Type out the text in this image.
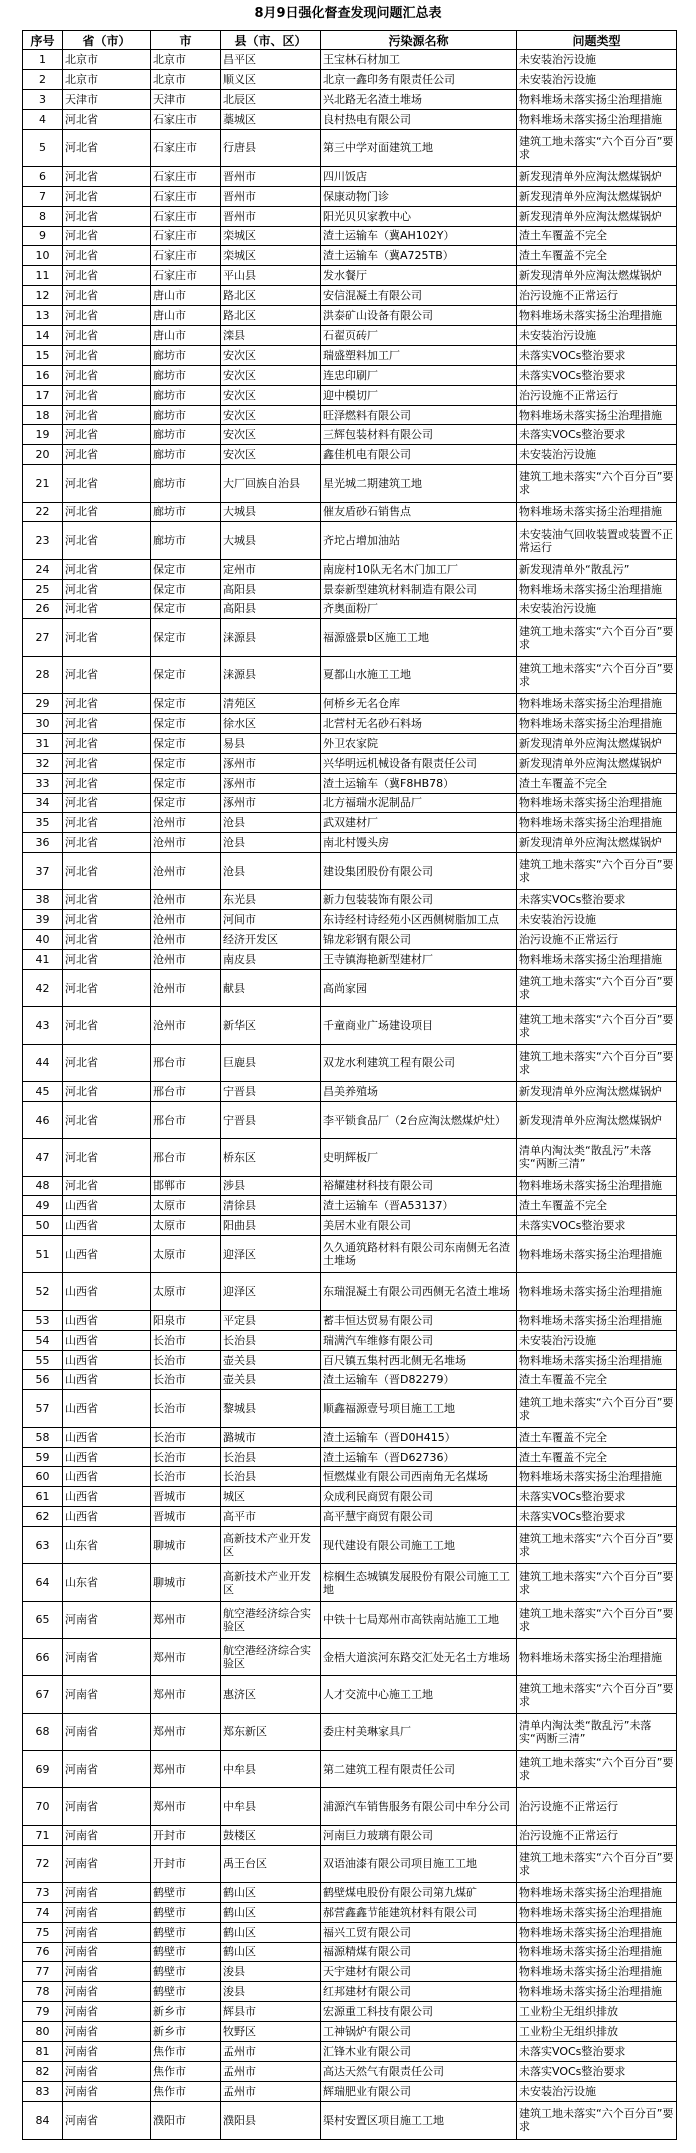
8月9日强化督查发现问题汇总表
序号	省（市）	市	县（市、区）	污染源名称	问题类型
1	北京市	北京市	昌平区	王宝林石材加工	未安装治污设施
2	北京市	北京市	顺义区	北京一鑫印务有限责任公司	未安装治污设施
3	天津市	天津市	北辰区	兴北路无名渣土堆场	物料堆场未落实扬尘治理措施
4	河北省	石家庄市	藁城区	良村热电有限公司	物料堆场未落实扬尘治理措施
5	河北省	石家庄市	行唐县	第三中学对面建筑工地	建筑工地未落实“六个百分百”要求
6	河北省	石家庄市	晋州市	四川饭店	新发现清单外应淘汰燃煤锅炉
7	河北省	石家庄市	晋州市	保康动物门诊	新发现清单外应淘汰燃煤锅炉
8	河北省	石家庄市	晋州市	阳光贝贝家教中心	新发现清单外应淘汰燃煤锅炉
9	河北省	石家庄市	栾城区	渣土运输车（冀AH102Y）	渣土车覆盖不完全
10	河北省	石家庄市	栾城区	渣土运输车（冀A725TB）	渣土车覆盖不完全
11	河北省	石家庄市	平山县	发水餐厅	新发现清单外应淘汰燃煤锅炉
12	河北省	唐山市	路北区	安信混凝土有限公司	治污设施不正常运行
13	河北省	唐山市	路北区	洪泰矿山设备有限公司	物料堆场未落实扬尘治理措施
14	河北省	唐山市	滦县	石翟页砖厂	未安装治污设施
15	河北省	廊坊市	安次区	瑞盛塑料加工厂	未落实VOCs整治要求
16	河北省	廊坊市	安次区	连忠印刷厂	未落实VOCs整治要求
17	河北省	廊坊市	安次区	迎中模切厂	治污设施不正常运行
18	河北省	廊坊市	安次区	旺泽燃料有限公司	物料堆场未落实扬尘治理措施
19	河北省	廊坊市	安次区	三辉包装材料有限公司	未落实VOCs整治要求
20	河北省	廊坊市	安次区	鑫佳机电有限公司	未安装治污设施
21	河北省	廊坊市	大厂回族自治县	星光城二期建筑工地	建筑工地未落实“六个百分百”要求
22	河北省	廊坊市	大城县	催友盾砂石销售点	物料堆场未落实扬尘治理措施
23	河北省	廊坊市	大城县	齐坨占增加油站	未安装油气回收装置或装置不正常运行
24	河北省	保定市	定州市	南庞村10队无名木门加工厂	新发现清单外“散乱污”
25	河北省	保定市	高阳县	景泰新型建筑材料制造有限公司	物料堆场未落实扬尘治理措施
26	河北省	保定市	高阳县	齐奥面粉厂	未安装治污设施
27	河北省	保定市	涞源县	福源盛景b区施工工地	建筑工地未落实“六个百分百”要求
28	河北省	保定市	涞源县	夏都山水施工工地	建筑工地未落实“六个百分百”要求
29	河北省	保定市	清苑区	何桥乡无名仓库	物料堆场未落实扬尘治理措施
30	河北省	保定市	徐水区	北营村无名砂石料场	物料堆场未落实扬尘治理措施
31	河北省	保定市	易县	外卫农家院	新发现清单外应淘汰燃煤锅炉
32	河北省	保定市	涿州市	兴华明远机械设备有限责任公司	新发现清单外应淘汰燃煤锅炉
33	河北省	保定市	涿州市	渣土运输车（冀F8HB78）	渣土车覆盖不完全
34	河北省	保定市	涿州市	北方福瑞水泥制品厂	物料堆场未落实扬尘治理措施
35	河北省	沧州市	沧县	武双建材厂	物料堆场未落实扬尘治理措施
36	河北省	沧州市	沧县	南北村馒头房	新发现清单外应淘汰燃煤锅炉
37	河北省	沧州市	沧县	建设集团股份有限公司	建筑工地未落实“六个百分百”要求
38	河北省	沧州市	东光县	新力包装装饰有限公司	未落实VOCs整治要求
39	河北省	沧州市	河间市	东诗经村诗经苑小区西侧树脂加工点	未安装治污设施
40	河北省	沧州市	经济开发区	锦龙彩钢有限公司	治污设施不正常运行
41	河北省	沧州市	南皮县	王寺镇海艳新型建材厂	物料堆场未落实扬尘治理措施
42	河北省	沧州市	献县	高尚家园	建筑工地未落实“六个百分百”要求
43	河北省	沧州市	新华区	千童商业广场建设项目	建筑工地未落实“六个百分百”要求
44	河北省	邢台市	巨鹿县	双龙水利建筑工程有限公司	建筑工地未落实“六个百分百”要求
45	河北省	邢台市	宁晋县	昌美养殖场	新发现清单外应淘汰燃煤锅炉
46	河北省	邢台市	宁晋县	李平锁食品厂（2台应淘汰燃煤炉灶）	新发现清单外应淘汰燃煤锅炉
47	河北省	邢台市	桥东区	史明辉板厂	清单内淘汰类“散乱污”未落实“两断三清”
48	河北省	邯郸市	涉县	裕耀建材科技有限公司	物料堆场未落实扬尘治理措施
49	山西省	太原市	清徐县	渣土运输车（晋A53137）	渣土车覆盖不完全
50	山西省	太原市	阳曲县	美居木业有限公司	未落实VOCs整治要求
51	山西省	太原市	迎泽区	久久通筑路材料有限公司东南侧无名渣土堆场	物料堆场未落实扬尘治理措施
52	山西省	太原市	迎泽区	东瑞混凝土有限公司西侧无名渣土堆场	物料堆场未落实扬尘治理措施
53	山西省	阳泉市	平定县	蓄丰恒达贸易有限公司	物料堆场未落实扬尘治理措施
54	山西省	长治市	长治县	瑞满汽车维修有限公司	未安装治污设施
55	山西省	长治市	壶关县	百尺镇五集村西北侧无名堆场	物料堆场未落实扬尘治理措施
56	山西省	长治市	壶关县	渣土运输车（晋D82279）	渣土车覆盖不完全
57	山西省	长治市	黎城县	顺鑫福源壹号项目施工工地	建筑工地未落实“六个百分百”要求
58	山西省	长治市	潞城市	渣土运输车（晋D0H415）	渣土车覆盖不完全
59	山西省	长治市	长治县	渣土运输车（晋D62736）	渣土车覆盖不完全
60	山西省	长治市	长治县	恒燃煤业有限公司西南角无名煤场	物料堆场未落实扬尘治理措施
61	山西省	晋城市	城区	众成利民商贸有限公司	未落实VOCs整治要求
62	山西省	晋城市	高平市	高平慧宇商贸有限公司	未落实VOCs整治要求
63	山东省	聊城市	高新技术产业开发区	现代建设有限公司施工工地	建筑工地未落实“六个百分百”要求
64	山东省	聊城市	高新技术产业开发区	棕榈生态城镇发展股份有限公司施工工地	建筑工地未落实“六个百分百”要求
65	河南省	郑州市	航空港经济综合实验区	中铁十七局郑州市高铁南站施工工地	建筑工地未落实“六个百分百”要求
66	河南省	郑州市	航空港经济综合实验区	金梧大道滨河东路交汇处无名土方堆场	物料堆场未落实扬尘治理措施
67	河南省	郑州市	惠济区	人才交流中心施工工地	建筑工地未落实“六个百分百”要求
68	河南省	郑州市	郑东新区	委庄村美琳家具厂	清单内淘汰类“散乱污”未落实“两断三清”
69	河南省	郑州市	中牟县	第二建筑工程有限责任公司	建筑工地未落实“六个百分百”要求
70	河南省	郑州市	中牟县	浦源汽车销售服务有限公司中牟分公司	治污设施不正常运行
71	河南省	开封市	鼓楼区	河南巨力玻璃有限公司	治污设施不正常运行
72	河南省	开封市	禹王台区	双语油漆有限公司项目施工工地	建筑工地未落实“六个百分百”要求
73	河南省	鹤壁市	鹤山区	鹤壁煤电股份有限公司第九煤矿	物料堆场未落实扬尘治理措施
74	河南省	鹤壁市	鹤山区	郝营鑫鑫节能建筑材料有限公司	物料堆场未落实扬尘治理措施
75	河南省	鹤壁市	鹤山区	福兴工贸有限公司	物料堆场未落实扬尘治理措施
76	河南省	鹤壁市	鹤山区	福源精煤有限公司	物料堆场未落实扬尘治理措施
77	河南省	鹤壁市	浚县	天宇建材有限公司	物料堆场未落实扬尘治理措施
78	河南省	鹤壁市	浚县	红邦建材有限公司	物料堆场未落实扬尘治理措施
79	河南省	新乡市	辉县市	宏源重工科技有限公司	工业粉尘无组织排放
80	河南省	新乡市	牧野区	工神锅炉有限公司	工业粉尘无组织排放
81	河南省	焦作市	孟州市	汇锋木业有限公司	未落实VOCs整治要求
82	河南省	焦作市	孟州市	高达天然气有限责任公司	未落实VOCs整治要求
83	河南省	焦作市	孟州市	辉瑞肥业有限公司	未安装治污设施
84	河南省	濮阳市	濮阳县	渠村安置区项目施工工地	建筑工地未落实“六个百分百”要求
